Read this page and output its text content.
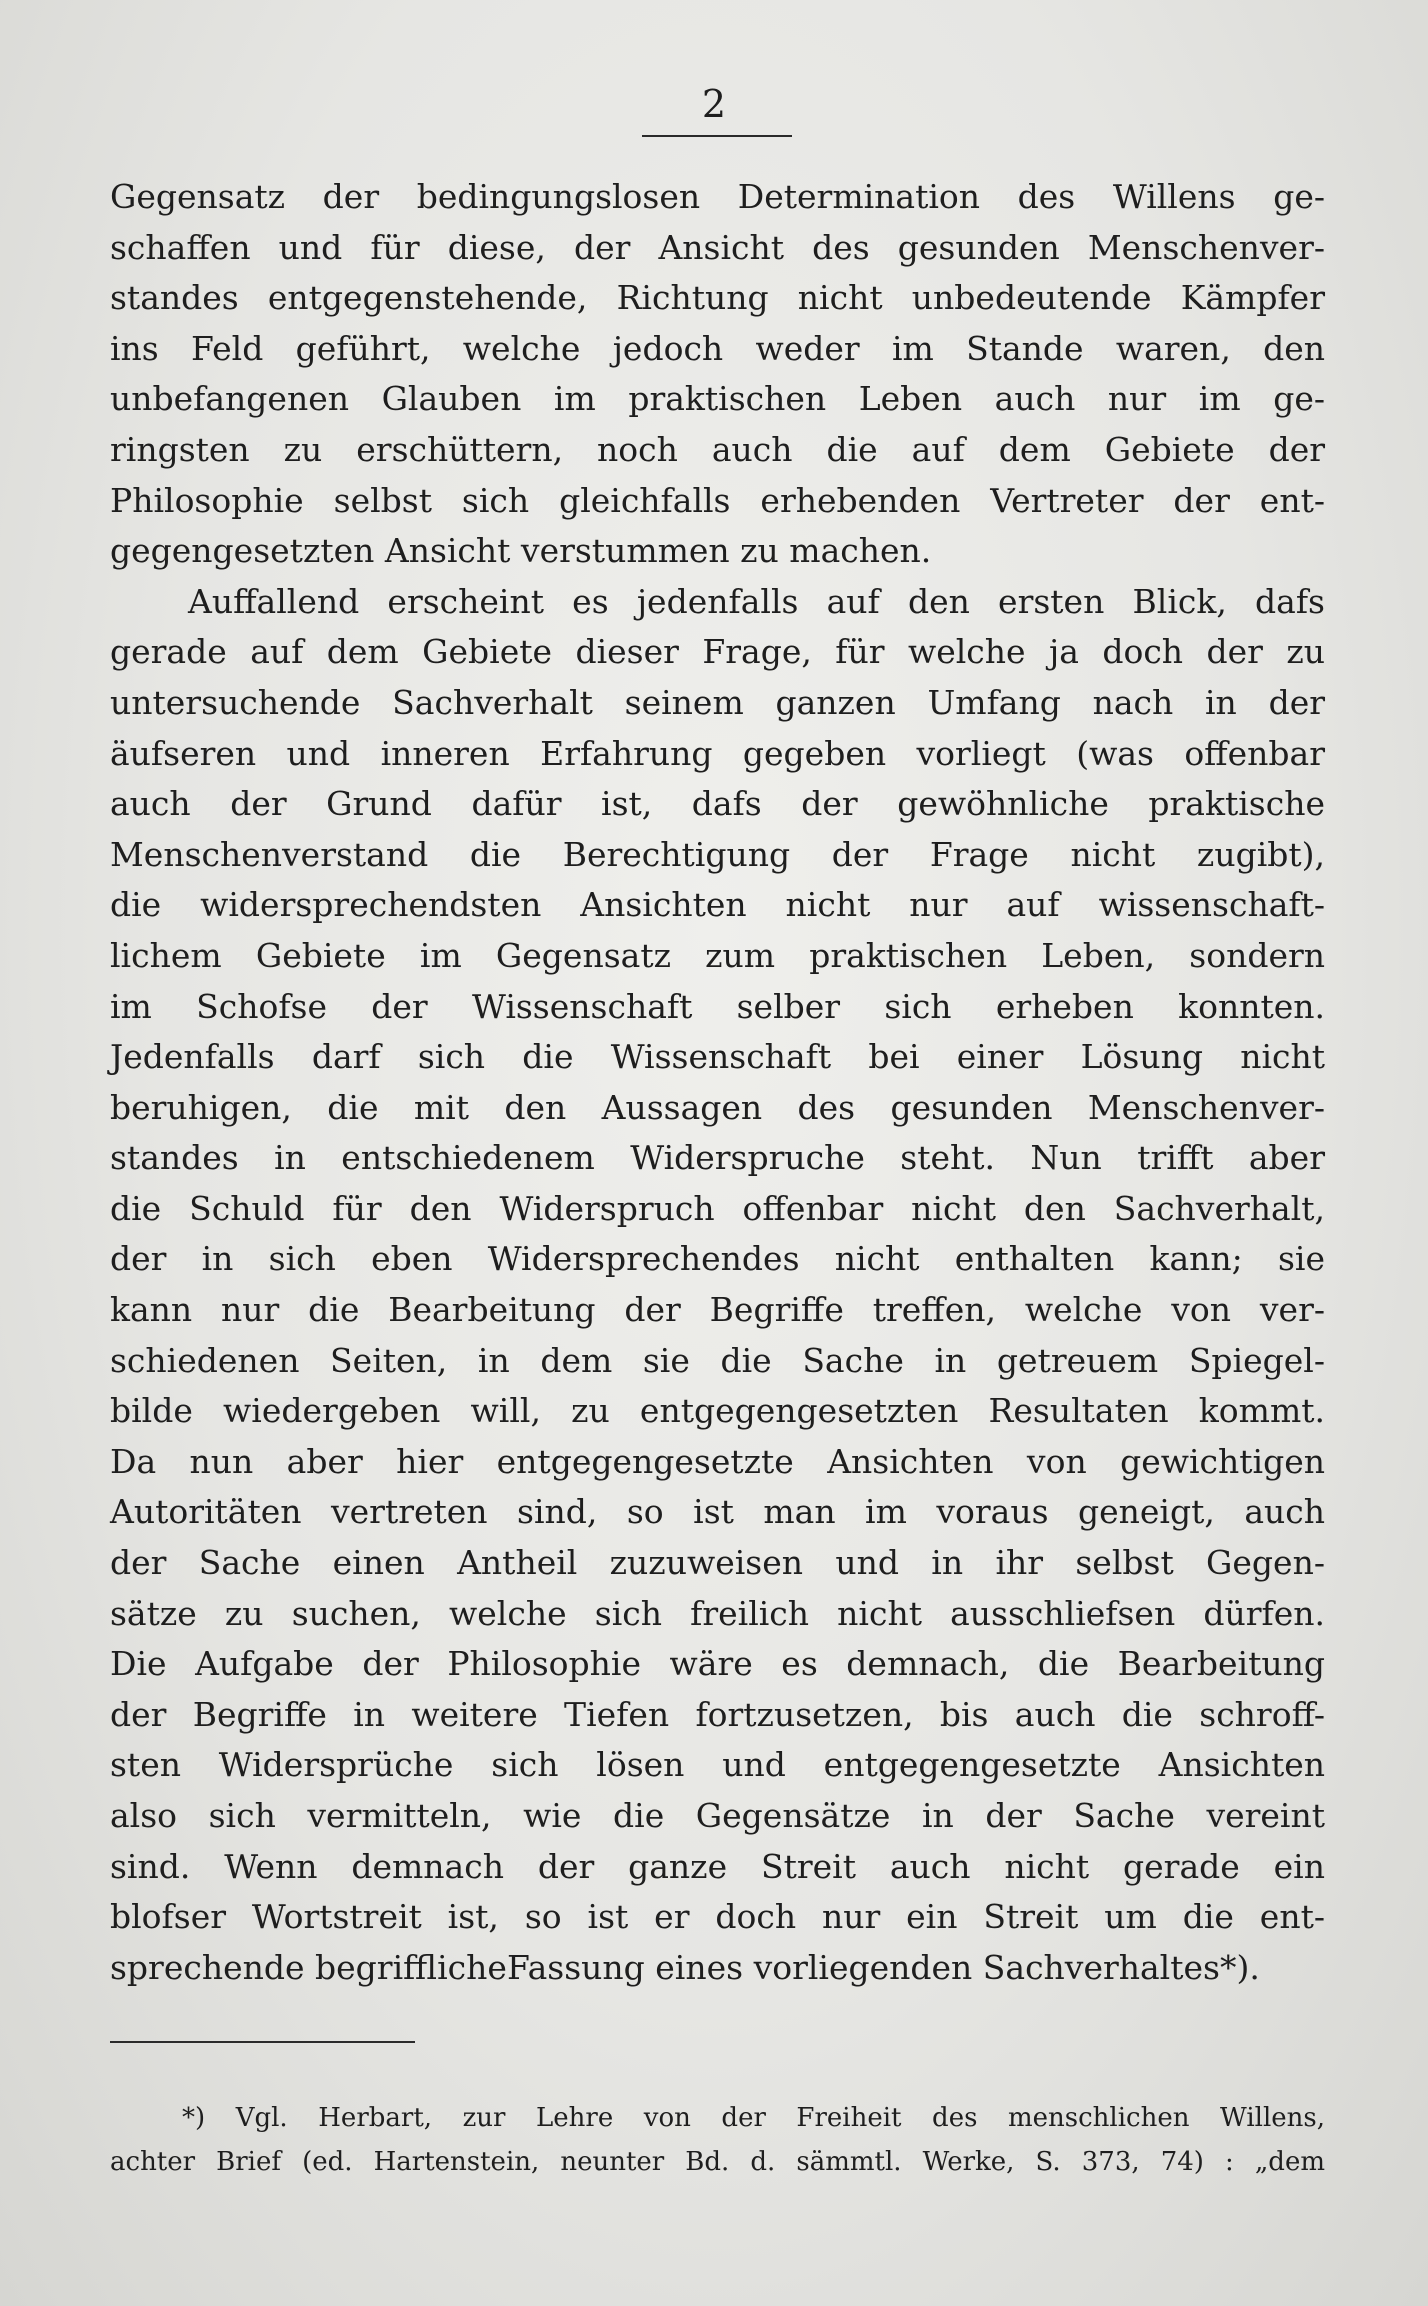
2
Gegensatz der bedingungslosen Determination des Willens ge-
schaffen und für diese, der Ansicht des gesunden Menschenver-
standes entgegenstehende, Richtung nicht unbedeutende Kämpfer
ins Feld geführt, welche jedoch weder im Stande waren, den
unbefangenen Glauben im praktischen Leben auch nur im ge-
ringsten zu erschüttern, noch auch die auf dem Gebiete der
Philosophie selbst sich gleichfalls erhebenden Vertreter der ent-
gegengesetzten Ansicht verstummen zu machen.
Auffallend erscheint es jedenfalls auf den ersten Blick, dafs
gerade auf dem Gebiete dieser Frage, für welche ja doch der zu
untersuchende Sachverhalt seinem ganzen Umfang nach in der
äufseren und inneren Erfahrung gegeben vorliegt (was offenbar
auch der Grund dafür ist, dafs der gewöhnliche praktische
Menschenverstand die Berechtigung der Frage nicht zugibt),
die widersprechendsten Ansichten nicht nur auf wissenschaft-
lichem Gebiete im Gegensatz zum praktischen Leben, sondern
im Schofse der Wissenschaft selber sich erheben konnten.
Jedenfalls darf sich die Wissenschaft bei einer Lösung nicht
beruhigen, die mit den Aussagen des gesunden Menschenver-
standes in entschiedenem Widerspruche steht. Nun trifft aber
die Schuld für den Widerspruch offenbar nicht den Sachverhalt,
der in sich eben Widersprechendes nicht enthalten kann; sie
kann nur die Bearbeitung der Begriffe treffen, welche von ver-
schiedenen Seiten, in dem sie die Sache in getreuem Spiegel-
bilde wiedergeben will, zu entgegengesetzten Resultaten kommt.
Da nun aber hier entgegengesetzte Ansichten von gewichtigen
Autoritäten vertreten sind, so ist man im voraus geneigt, auch
der Sache einen Antheil zuzuweisen und in ihr selbst Gegen-
sätze zu suchen, welche sich freilich nicht ausschliefsen dürfen.
Die Aufgabe der Philosophie wäre es demnach, die Bearbeitung
der Begriffe in weitere Tiefen fortzusetzen, bis auch die schroff-
sten Widersprüche sich lösen und entgegengesetzte Ansichten
also sich vermitteln, wie die Gegensätze in der Sache vereint
sind. Wenn demnach der ganze Streit auch nicht gerade ein
blofser Wortstreit ist, so ist er doch nur ein Streit um die ent-
sprechende begrifflicheFassung eines vorliegenden Sachverhaltes*).
*) Vgl. Herbart, zur Lehre von der Freiheit des menschlichen Willens,
achter Brief (ed. Hartenstein, neunter Bd. d. sämmtl. Werke, S. 373, 74) : „dem
